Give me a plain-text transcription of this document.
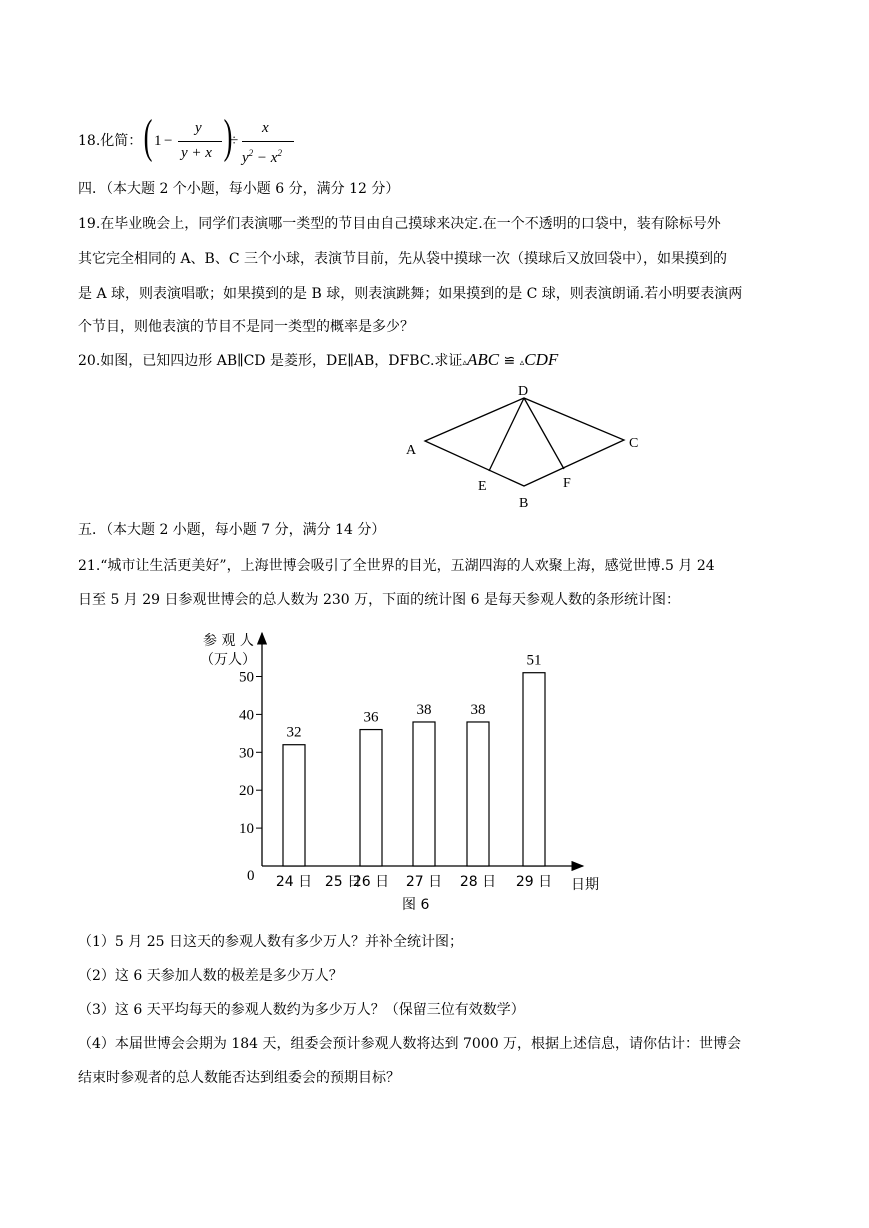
18.化简： ( 1 −
y
y + x )
÷
x
$y^2 - x^2$
四．（本大题 2 个小题，每小题 6 分，满分 12 分）
19.在毕业晚会上，同学们表演哪一类型的节目由自己摸球来决定.在一个不透明的口袋中，装有除标号外
其它完全相同的 A、B、C 三个小球，表演节目前，先从袋中摸球一次（摸球后又放回袋中），如果摸到的
是 A 球，则表演唱歌；如果摸到的是 B 球，则表演跳舞；如果摸到的是 C 球，则表演朗诵.若小明要表演两
个节目，则他表演的节目不是同一类型的概率是多少？
20.如图，已知四边形 AB∥CD 是菱形，DE∥AB，DFBC.求证▵ABC ≌ ▵CDF
D
A	C
E	F
B
五．（本大题 2 小题，每小题 7 分，满分 14 分）
21.“城市让生活更美好”，上海世博会吸引了全世界的目光，五湖四海的人欢聚上海，感觉世博.5 月 24
日至 5 月 29 日参观世博会的总人数为 230 万，下面的统计图 6 是每天参观人数的条形统计图：
参 观 人
（万人）
日期
0
10
20
30
40
50
32
36	38	38
51
24 日 25 日
26 日 27 日 28 日 29 日
图 6
（1）5 月 25 日这天的参观人数有多少万人？并补全统计图；
（2）这 6 天参加人数的极差是多少万人？
（3）这 6 天平均每天的参观人数约为多少万人？（保留三位有效数学）
（4）本届世博会会期为 184 天，组委会预计参观人数将达到 7000 万，根据上述信息，请你估计：世博会
结束时参观者的总人数能否达到组委会的预期目标？
